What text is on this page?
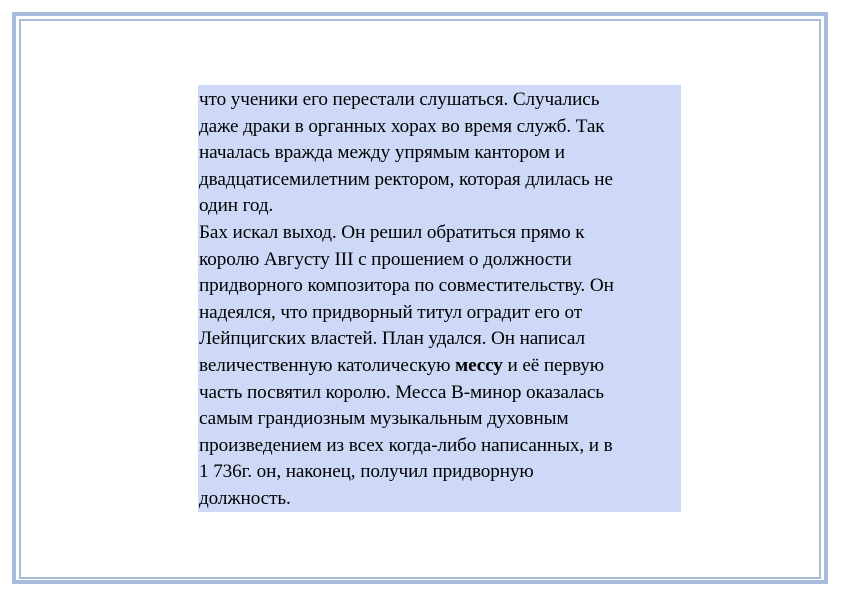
что ученики его перестали слушаться. Случались
даже драки в органных хорах во время служб. Так
началась вражда между упрямым кантором и
двадцатисемилетним ректором, которая длилась не
один год.

Бах искал выход. Он решил обратиться прямо к
королю Августу III с прошением о должности
придворного композитора по совместительству. Он
надеялся, что придворный титул оградит его от
Лейпцигских властей. План удался. Он написал
величественную католическую мессу и её первую
часть посвятил королю. Месса B-минор оказалась
самым грандиозным музыкальным духовным
произведением из всех когда-либо написанных, и в
1 736г. он, наконец, получил придворную
должность.
